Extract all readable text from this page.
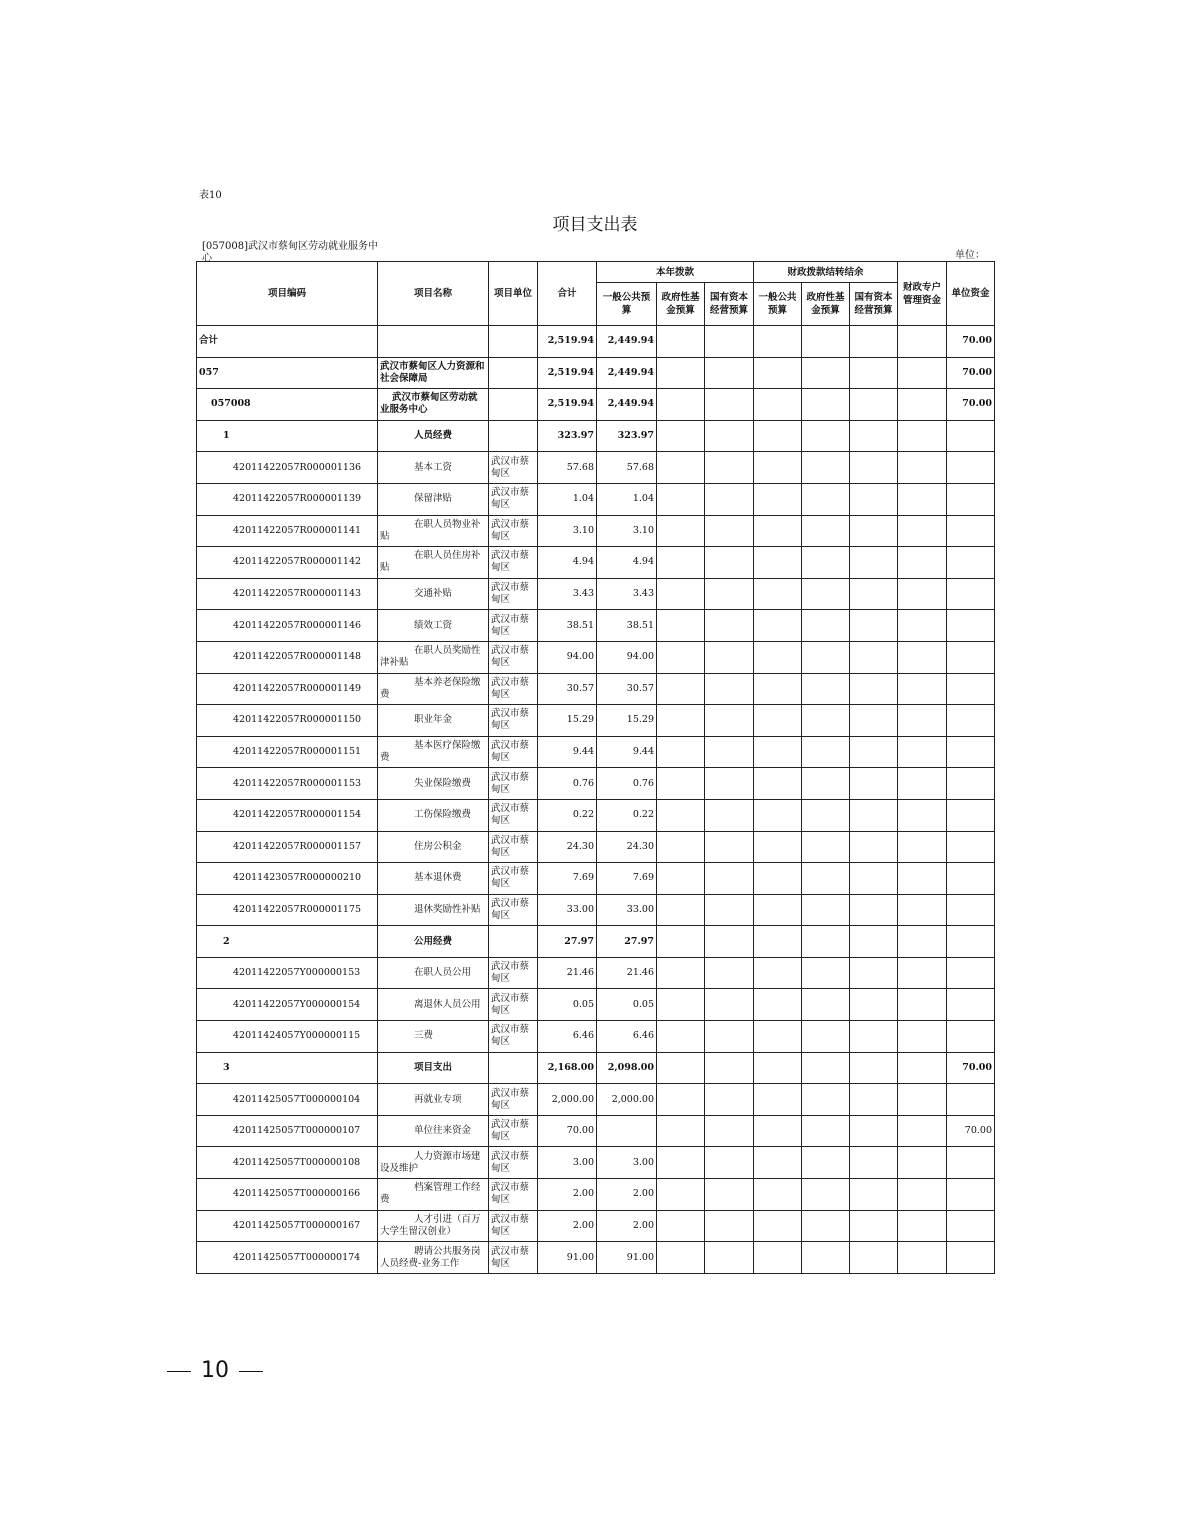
表10
项目支出表
[057008]武汉市蔡甸区劳动就业服务中心	单位：
项目编码	项目名称	项目单位	合计	本年拨款			财政拨款结转结余			财政专户管理资金	单位资金
				一般公共预算	政府性基金预算	国有资本经营预算	一般公共预算	政府性基金预算	国有资本经营预算		
合计			2,519.94	2,449.94							70.00
057	武汉市蔡甸区人力资源和社会保障局		2,519.94	2,449.94							70.00
057008	武汉市蔡甸区劳动就业服务中心		2,519.94	2,449.94							70.00
1	人员经费		323.97	323.97							
42011422057R000001136	基本工资	武汉市蔡甸区	57.68	57.68							
42011422057R000001139	保留津贴	武汉市蔡甸区	1.04	1.04							
42011422057R000001141	在职人员物业补贴	武汉市蔡甸区	3.10	3.10							
42011422057R000001142	在职人员住房补贴	武汉市蔡甸区	4.94	4.94							
42011422057R000001143	交通补贴	武汉市蔡甸区	3.43	3.43							
42011422057R000001146	绩效工资	武汉市蔡甸区	38.51	38.51							
42011422057R000001148	在职人员奖励性津补贴	武汉市蔡甸区	94.00	94.00							
42011422057R000001149	基本养老保险缴费	武汉市蔡甸区	30.57	30.57							
42011422057R000001150	职业年金	武汉市蔡甸区	15.29	15.29							
42011422057R000001151	基本医疗保险缴费	武汉市蔡甸区	9.44	9.44							
42011422057R000001153	失业保险缴费	武汉市蔡甸区	0.76	0.76							
42011422057R000001154	工伤保险缴费	武汉市蔡甸区	0.22	0.22							
42011422057R000001157	住房公积金	武汉市蔡甸区	24.30	24.30							
42011423057R000000210	基本退休费	武汉市蔡甸区	7.69	7.69							
42011422057R000001175	退休奖励性补贴	武汉市蔡甸区	33.00	33.00							
2	公用经费		27.97	27.97							
42011422057Y000000153	在职人员公用	武汉市蔡甸区	21.46	21.46							
42011422057Y000000154	离退休人员公用	武汉市蔡甸区	0.05	0.05							
42011424057Y000000115	三费	武汉市蔡甸区	6.46	6.46							
3	项目支出		2,168.00	2,098.00							70.00
42011425057T000000104	再就业专项	武汉市蔡甸区	2,000.00	2,000.00							
42011425057T000000107	单位往来资金	武汉市蔡甸区	70.00								70.00
42011425057T000000108	人力资源市场建设及维护	武汉市蔡甸区	3.00	3.00							
42011425057T000000166	档案管理工作经费	武汉市蔡甸区	2.00	2.00							
42011425057T000000167	人才引进（百万大学生留汉创业）	武汉市蔡甸区	2.00	2.00							
42011425057T000000174	聘请公共服务岗人员经费-业务工作	武汉市蔡甸区	91.00	91.00							
10
